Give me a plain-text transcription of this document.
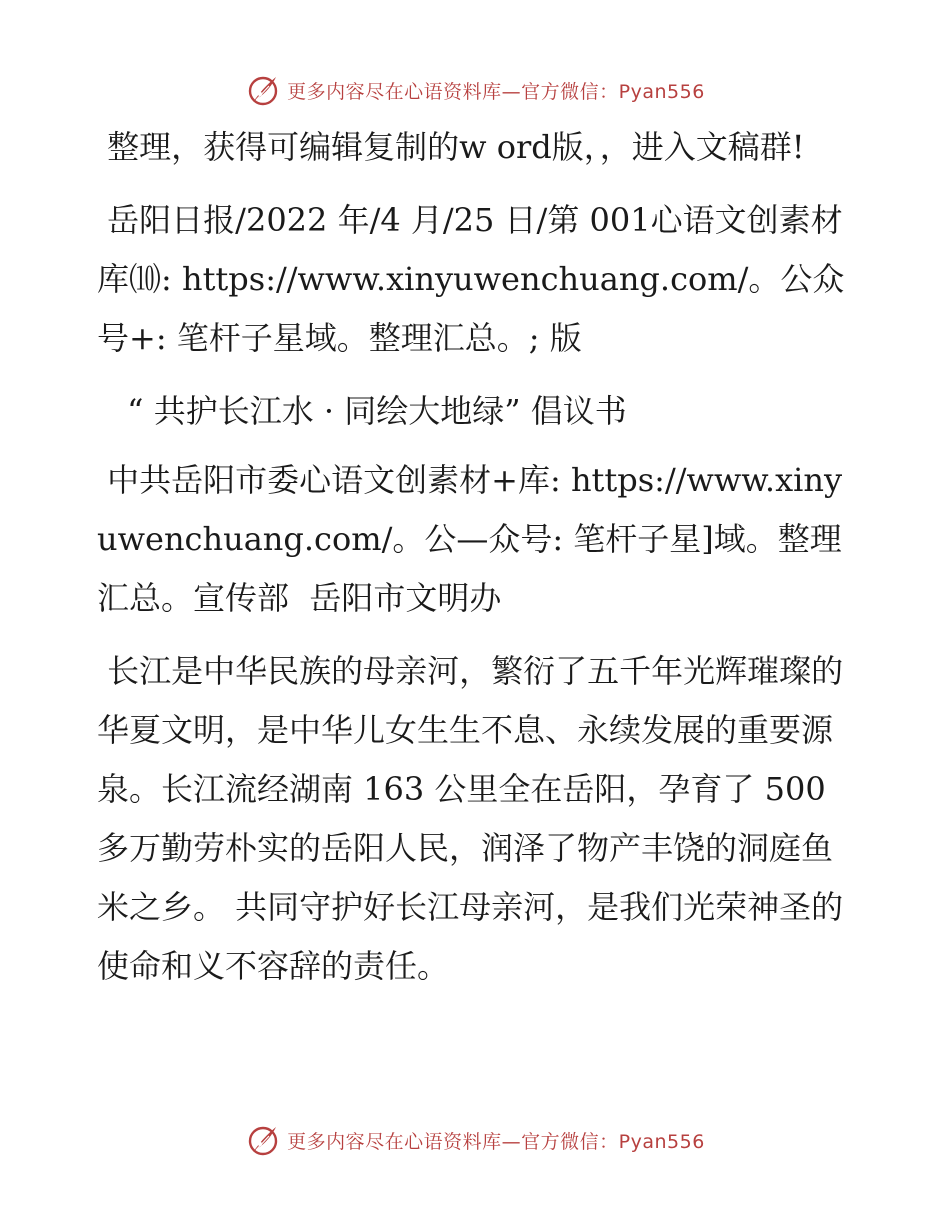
更多内容尽在心语资料库—官方微信：Pyan556

整理，获得可编辑复制的w ord版，，进入文稿群!

岳阳日报/2022 年/4 月/25 日/第 001心语文创素材库⑽: https://www.xinyuwenchuang.com/。公众号+: 笔杆子星域。整理汇总。; 版

“ 共护长江水 · 同绘大地绿” 倡议书

中共岳阳市委心语文创素材+库: https://www.xinyuwenchuang.com/。公—众号: 笔杆子星]域。整理汇总。宣传部  岳阳市文明办

长江是中华民族的母亲河，繁衍了五千年光辉璀璨的华夏文明，是中华儿女生生不息、永续发展的重要源泉。长江流经湖南 163 公里全在岳阳，孕育了 500 多万勤劳朴实的岳阳人民，润泽了物产丰饶的洞庭鱼米之乡。 共同守护好长江母亲河，是我们光荣神圣的使命和义不容辞的责任。

更多内容尽在心语资料库—官方微信：Pyan556
